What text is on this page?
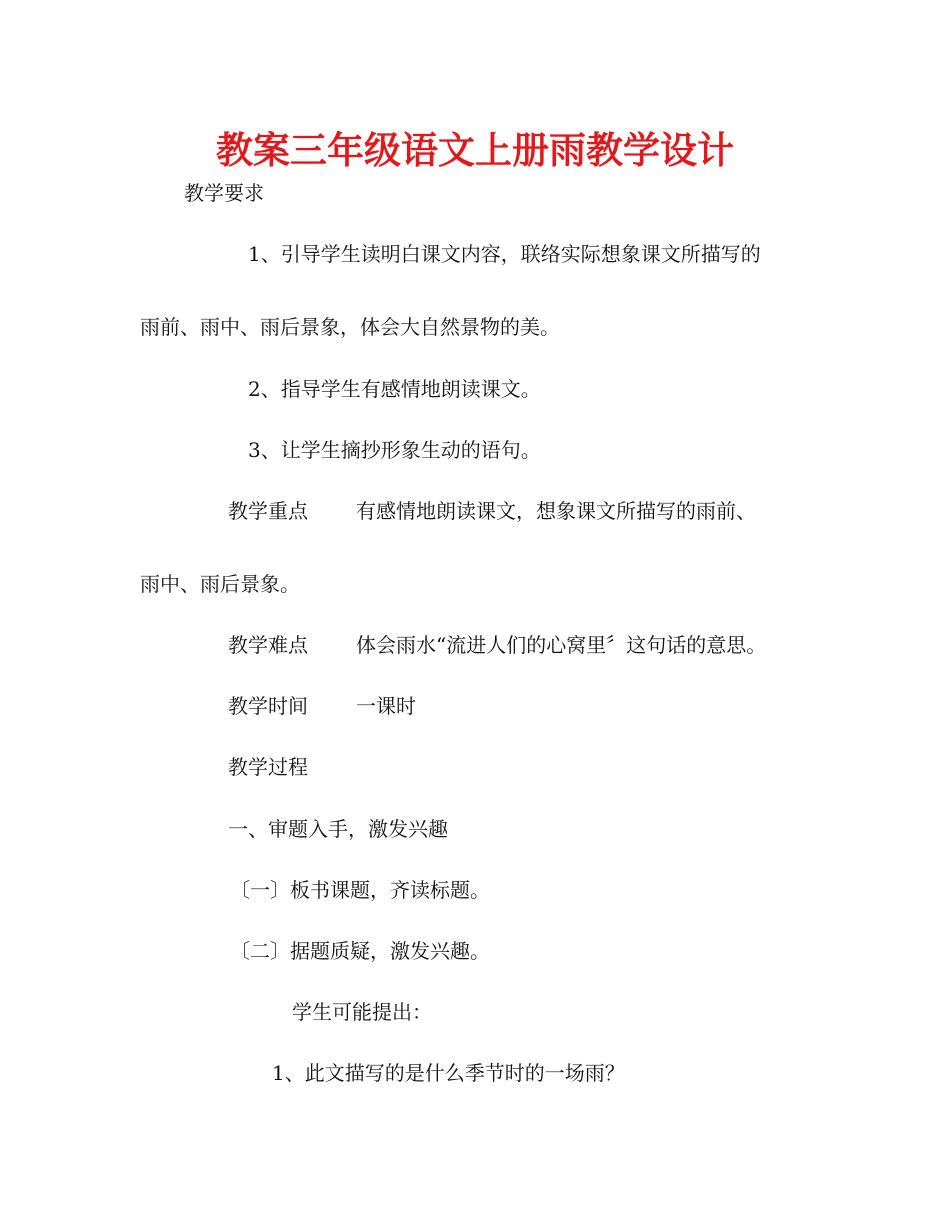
教案三年级语文上册雨教学设计

教学要求

1、引导学生读明白课文内容，联络实际想象课文所描写的

雨前、雨中、雨后景象，体会大自然景物的美。

2、指导学生有感情地朗读课文。

3、让学生摘抄形象生动的语句。

教学重点 有感情地朗读课文，想象课文所描写的雨前、

雨中、雨后景象。

教学难点 体会雨水“流进人们的心窝里〞这句话的意思。

教学时间 一课时

教学过程

一、审题入手，激发兴趣

〔一〕板书课题，齐读标题。

〔二〕据题质疑，激发兴趣。

学生可能提出：

1、此文描写的是什么季节时的一场雨？
